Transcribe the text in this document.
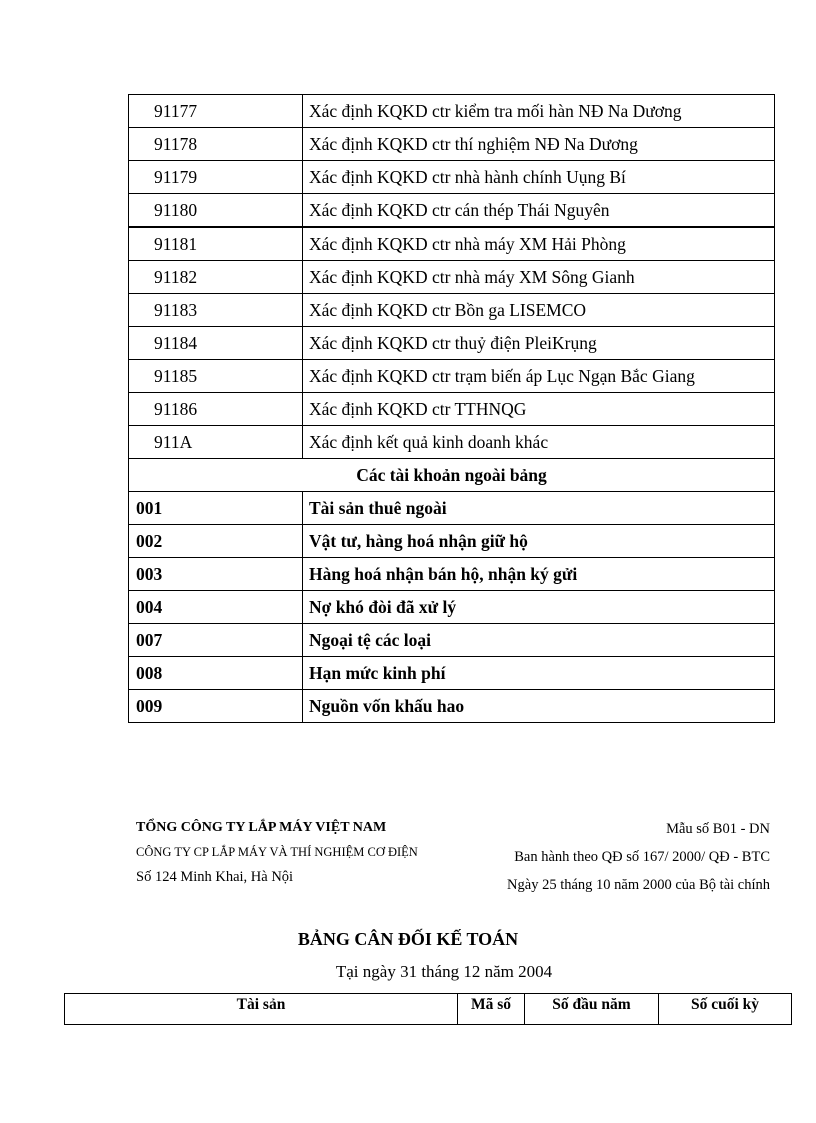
91177	Xác định KQKD ctr kiểm tra mối hàn NĐ Na Dương
91178	Xác định KQKD ctr thí nghiệm NĐ Na Dương
91179	Xác định KQKD ctr nhà hành chính Uụng Bí
91180	Xác định KQKD ctr cán thép Thái Nguyên
91181	Xác định KQKD ctr nhà máy XM Hải Phòng
91182	Xác định KQKD ctr nhà máy XM Sông Gianh
91183	Xác định KQKD ctr Bồn ga LISEMCO
91184	Xác định KQKD ctr thuỷ điện PleiKrụng
91185	Xác định KQKD ctr trạm biến áp Lục Ngạn Bắc Giang
91186	Xác định KQKD ctr TTHNQG
911A	Xác định kết quả kinh doanh khác
Các tài khoản ngoài bảng	
001	Tài sản thuê ngoài
002	Vật tư, hàng hoá nhận giữ hộ
003	Hàng hoá nhận bán hộ, nhận ký gửi
004	Nợ khó đòi đã xử lý
007	Ngoại tệ các loại
008	Hạn mức kinh phí
009	Nguồn vốn khấu hao
TỔNG CÔNG TY LẮP MÁY VIỆT NAM
CÔNG TY CP LẮP MÁY VÀ THÍ NGHIỆM CƠ ĐIỆN
Số 124 Minh Khai, Hà Nội
Mẫu số B01 - DN
Ban hành theo QĐ số 167/ 2000/ QĐ - BTC
Ngày 25 tháng 10 năm 2000 của Bộ tài chính
BẢNG CÂN ĐỐI KẾ TOÁN
Tại ngày 31 tháng 12 năm 2004
Tài sản	Mã số	Số đầu năm	Số cuối kỳ
